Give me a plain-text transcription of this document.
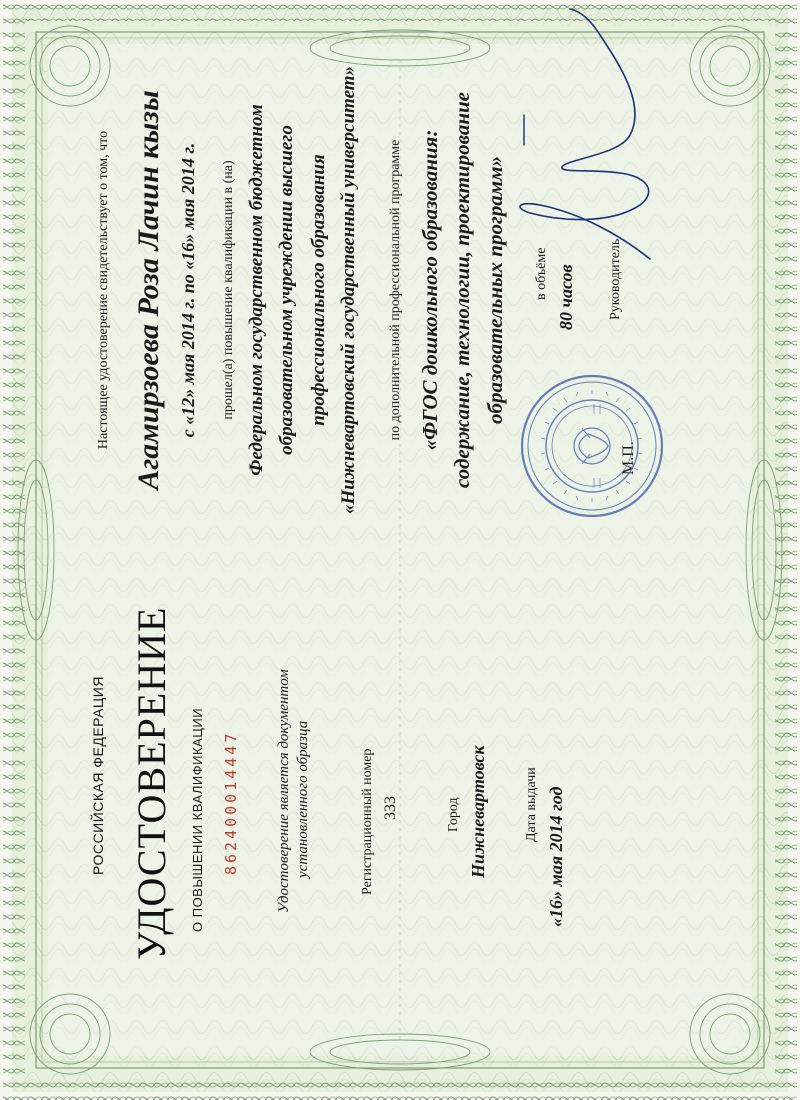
РОССИЙСКАЯ ФЕДЕРАЦИЯ УДОСТОВЕРЕНИЕ О ПОВЫШЕНИИ КВАЛИФИКАЦИИ 862400014447 Удостоверение является документом установленного образца	Регистрационный номер 333	Город Нижневартовск	Дата выдачи «16» мая 2014 год
Настоящее удостоверение свидетельствует о том, что Агамирзоева Роза Лачин кызы с «12» мая 2014 г. по «16» мая 2014 г. прошел(а) повышение квалификации в (на) Федеральном государственном бюджетном образовательном учреждении высшего профессионального образования «Нижневартовский государственный университет» по дополнительной профессиональной программе «ФГОС дошкольного образования: содержание, технологии, проектирование образовательных программ» в объёме 80 часов
М.П.
Руководитель
